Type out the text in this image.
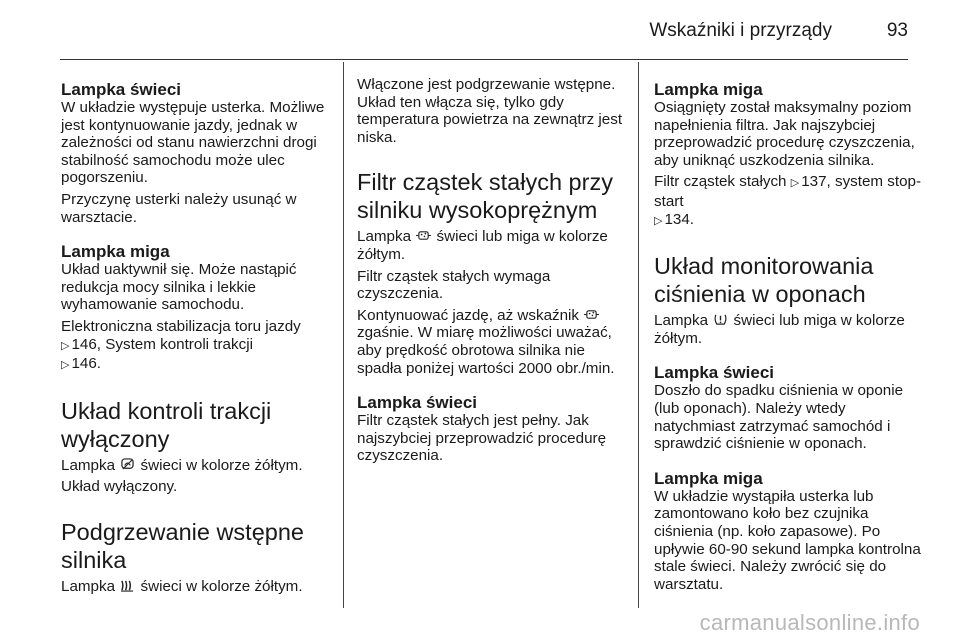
Wskaźniki i przyrządy	93
Lampka świeci
W układzie występuje usterka. Możliwe jest kontynuowanie jazdy, jednak w zależności od stanu nawierzchni drogi stabilność samochodu może ulec pogorszeniu.
Przyczynę usterki należy usunąć w warsztacie.
Lampka miga
Układ uaktywnił się. Może nastąpić redukcja mocy silnika i lekkie wyhamowanie samochodu.
Elektroniczna stabilizacja toru jazdy
▷ 146, System kontroli trakcji
▷ 146.
Układ kontroli trakcji wyłączony
Lampka świeci w kolorze żółtym.
Układ wyłączony.
Podgrzewanie wstępne silnika
Lampka świeci w kolorze żółtym.
Włączone jest podgrzewanie wstępne. Układ ten włącza się, tylko gdy temperatura powietrza na zewnątrz jest niska.
Filtr cząstek stałych przy silniku wysokoprężnym
Lampka świeci lub miga w kolorze żółtym.
Filtr cząstek stałych wymaga czyszczenia.
Kontynuować jazdę, aż wskaźnik  zgaśnie. W miarę możliwości uważać, aby prędkość obrotowa silnika nie spadła poniżej wartości 2000 obr./min.
Lampka świeci
Filtr cząstek stałych jest pełny. Jak najszybciej przeprowadzić procedurę czyszczenia.
Lampka miga
Osiągnięty został maksymalny poziom napełnienia filtra. Jak najszybciej przeprowadzić procedurę czyszczenia, aby uniknąć uszkodzenia silnika.
Filtr cząstek stałych ▷ 137, system stop-start
▷ 134.
Układ monitorowania ciśnienia w oponach
Lampka świeci lub miga w kolorze żółtym.
Lampka świeci
Doszło do spadku ciśnienia w oponie (lub oponach). Należy wtedy natychmiast zatrzymać samochód i sprawdzić ciśnienie w oponach.
Lampka miga
W układzie wystąpiła usterka lub zamontowano koło bez czujnika ciśnienia (np. koło zapasowe). Po upływie 60-90 sekund lampka kontrolna stale świeci. Należy zwrócić się do warsztatu.
carmanualsonline.info
